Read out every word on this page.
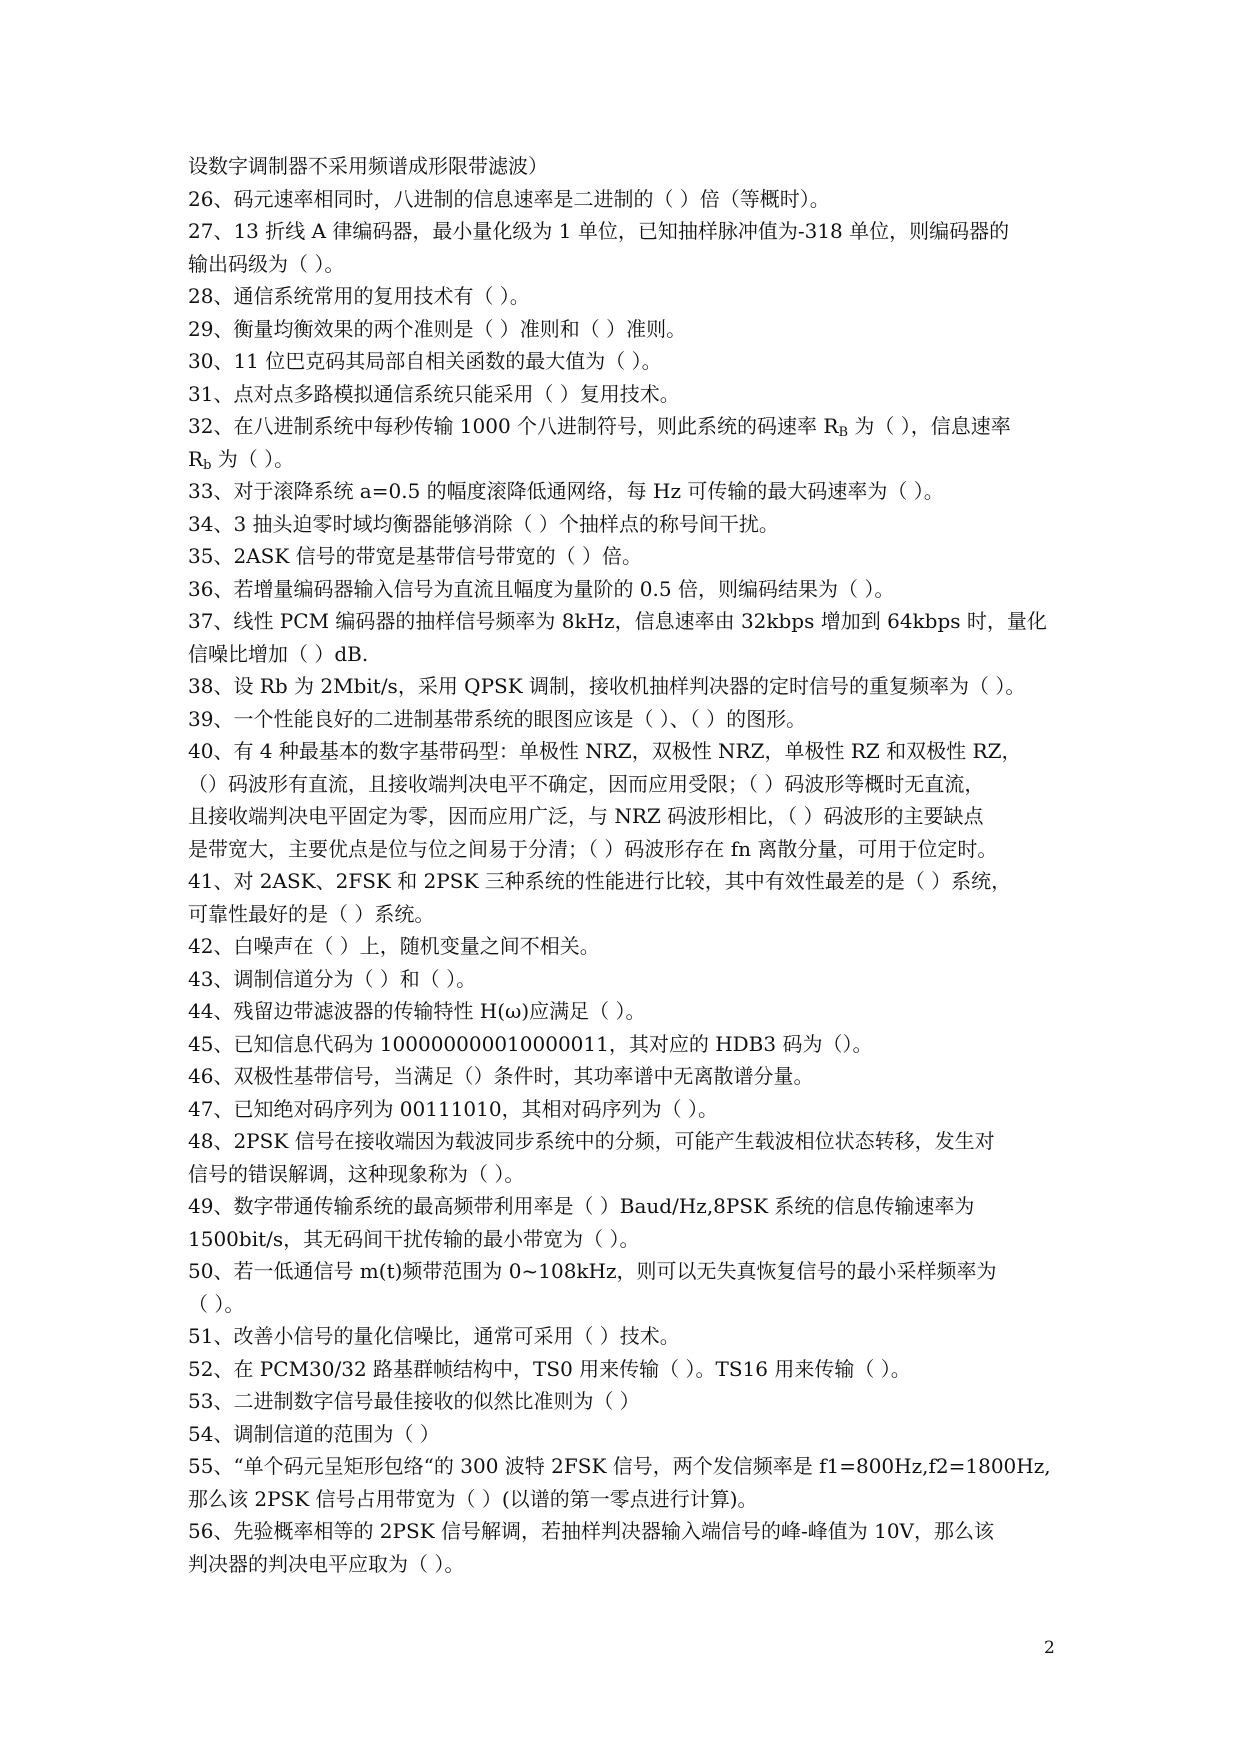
设数字调制器不采用频谱成形限带滤波）
26、码元速率相同时，八进制的信息速率是二进制的（ ）倍（等概时）。
27、13 折线 A 律编码器，最小量化级为 1 单位，已知抽样脉冲值为-318 单位，则编码器的
输出码级为（ ）。
28、通信系统常用的复用技术有（ ）。
29、衡量均衡效果的两个准则是（ ）准则和（ ）准则。
30、11 位巴克码其局部自相关函数的最大值为（ ）。
31、点对点多路模拟通信系统只能采用（ ）复用技术。
32、在八进制系统中每秒传输 1000 个八进制符号，则此系统的码速率 $R_B$ 为（ ），信息速率
$R_b$ 为（ ）。
33、对于滚降系统 a=0.5 的幅度滚降低通网络，每 Hz 可传输的最大码速率为（ ）。
34、3 抽头迫零时域均衡器能够消除（ ）个抽样点的称号间干扰。
35、2ASK 信号的带宽是基带信号带宽的（ ）倍。
36、若增量编码器输入信号为直流且幅度为量阶的 0.5 倍，则编码结果为（ ）。
37、线性 PCM 编码器的抽样信号频率为 8kHz，信息速率由 32kbps 增加到 64kbps 时，量化
信噪比增加（ ）dB.
38、设 Rb 为 2Mbit/s，采用 QPSK 调制，接收机抽样判决器的定时信号的重复频率为（ ）。
39、一个性能良好的二进制基带系统的眼图应该是（ ）、（ ）的图形。
40、有 4 种最基本的数字基带码型：单极性 NRZ，双极性 NRZ，单极性 RZ 和双极性 RZ，
（）码波形有直流，且接收端判决电平不确定，因而应用受限；（ ）码波形等概时无直流，
且接收端判决电平固定为零，因而应用广泛，与 NRZ 码波形相比，（ ）码波形的主要缺点
是带宽大，主要优点是位与位之间易于分清；（ ）码波形存在 fn 离散分量，可用于位定时。
41、对 2ASK、2FSK 和 2PSK 三种系统的性能进行比较，其中有效性最差的是（ ）系统，
可靠性最好的是（ ）系统。
42、白噪声在（ ）上，随机变量之间不相关。
43、调制信道分为（ ）和（ ）。
44、残留边带滤波器的传输特性 H(ω)应满足（ ）。
45、已知信息代码为 100000000010000011，其对应的 HDB3 码为（）。
46、双极性基带信号，当满足（）条件时，其功率谱中无离散谱分量。
47、已知绝对码序列为 00111010，其相对码序列为（ ）。
48、2PSK 信号在接收端因为载波同步系统中的分频，可能产生载波相位状态转移，发生对
信号的错误解调，这种现象称为（ ）。
49、数字带通传输系统的最高频带利用率是（ ）Baud/Hz,8PSK 系统的信息传输速率为
1500bit/s，其无码间干扰传输的最小带宽为（ ）。
50、若一低通信号 m(t)频带范围为 0~108kHz，则可以无失真恢复信号的最小采样频率为
（ ）。
51、改善小信号的量化信噪比，通常可采用（ ）技术。
52、在 PCM30/32 路基群帧结构中，TS0 用来传输（ ）。TS16 用来传输（ ）。
53、二进制数字信号最佳接收的似然比准则为（ ）
54、调制信道的范围为（ ）
55、“单个码元呈矩形包络“的 300 波特 2FSK 信号，两个发信频率是 f1=800Hz,f2=1800Hz,
那么该 2PSK 信号占用带宽为（ ）(以谱的第一零点进行计算)。
56、先验概率相等的 2PSK 信号解调，若抽样判决器输入端信号的峰-峰值为 10V，那么该
判决器的判决电平应取为（ ）。
2
